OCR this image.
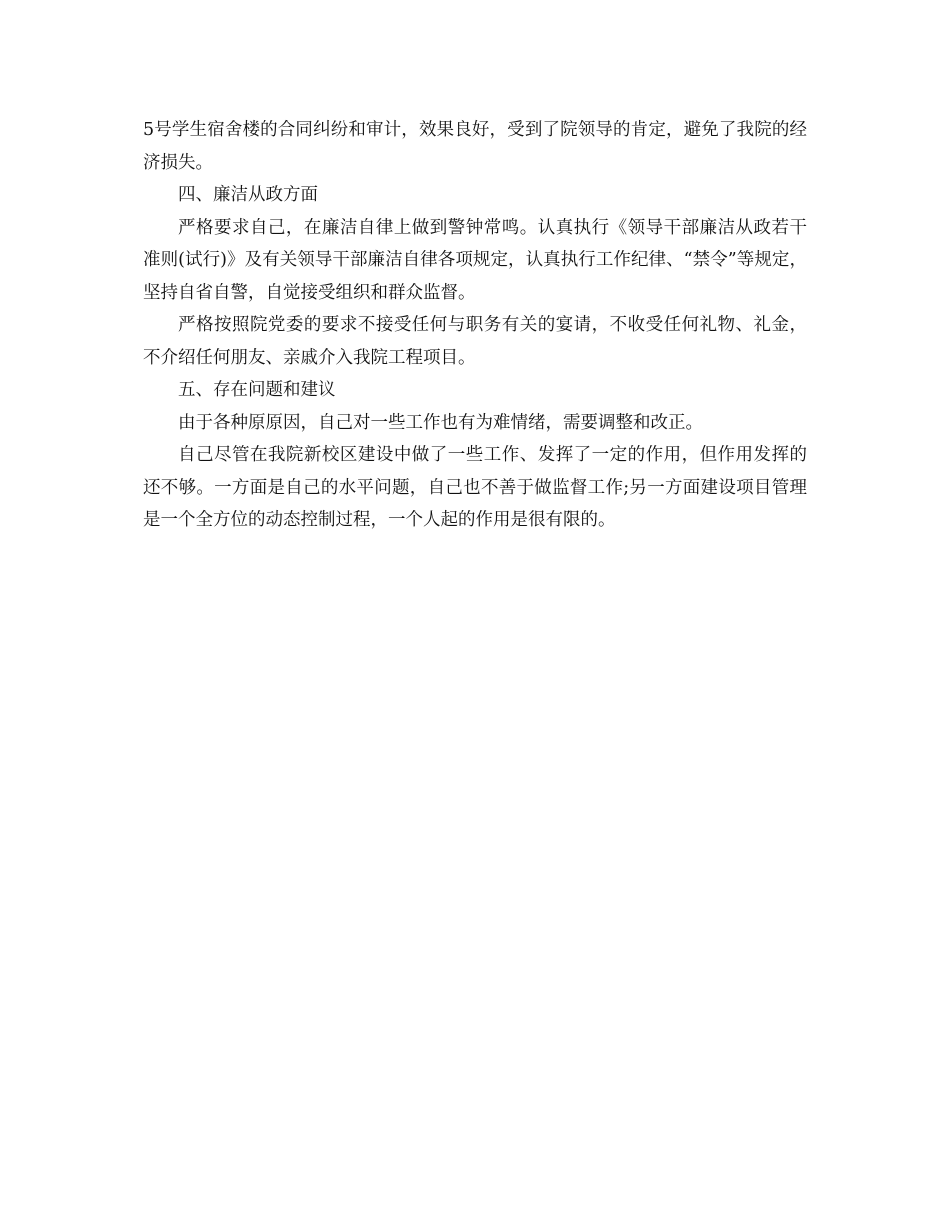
5号学生宿舍楼的合同纠纷和审计，效果良好，受到了院领导的肯定，避免了我院的经济损失。

四、廉洁从政方面

严格要求自己，在廉洁自律上做到警钟常鸣。认真执行《领导干部廉洁从政若干准则(试行)》及有关领导干部廉洁自律各项规定，认真执行工作纪律、“禁令”等规定，坚持自省自警，自觉接受组织和群众监督。

严格按照院党委的要求不接受任何与职务有关的宴请，不收受任何礼物、礼金，不介绍任何朋友、亲戚介入我院工程项目。

五、存在问题和建议

由于各种原原因，自己对一些工作也有为难情绪，需要调整和改正。

自己尽管在我院新校区建设中做了一些工作、发挥了一定的作用，但作用发挥的还不够。一方面是自己的水平问题，自己也不善于做监督工作;另一方面建设项目管理是一个全方位的动态控制过程，一个人起的作用是很有限的。
